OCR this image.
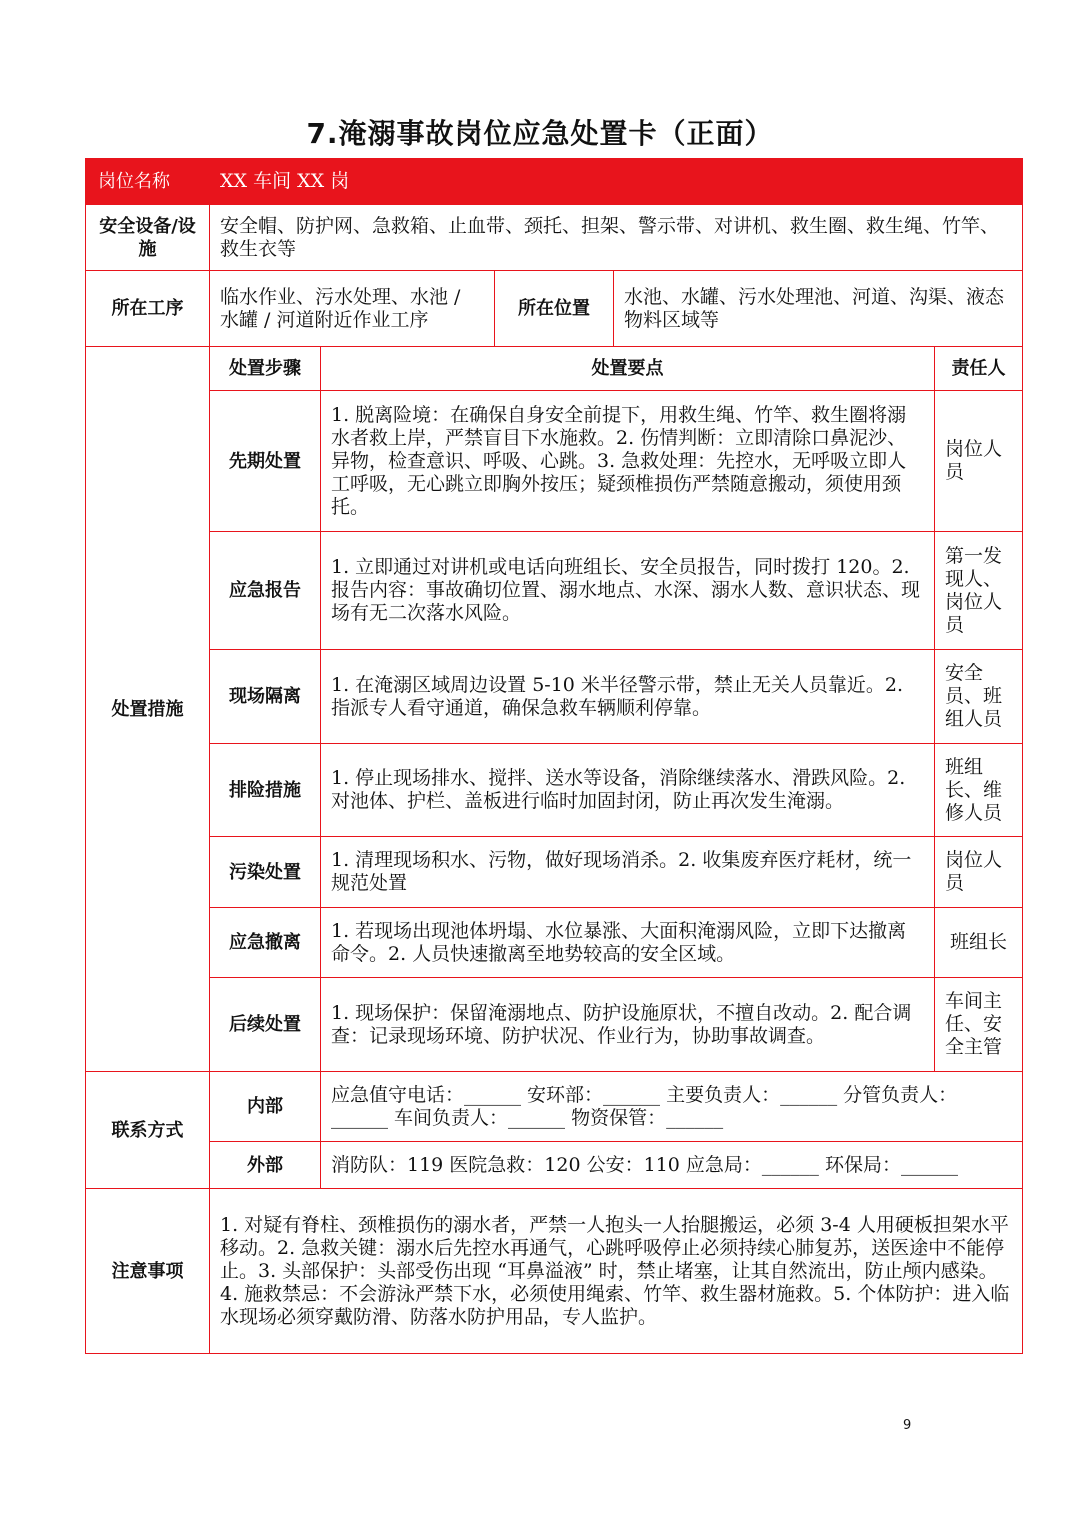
7.淹溺事故岗位应急处置卡（正面）
岗位名称	XX 车间 XX 岗				
安全设备/设施	安全帽、防护网、急救箱、止血带、颈托、担架、警示带、对讲机、救生圈、救生绳、竹竿、救生衣等				
所在工序	临水作业、污水处理、水池 / 水罐 / 河道附近作业工序		所在位置	水池、水罐、污水处理池、河道、沟渠、液态物料区域等	
处置措施	处置步骤	处置要点			责任人
	先期处置	1. 脱离险境：在确保自身安全前提下，用救生绳、竹竿、救生圈将溺水者救上岸，严禁盲目下水施救。2. 伤情判断：立即清除口鼻泥沙、异物，检查意识、呼吸、心跳。3. 急救处理：先控水，无呼吸立即人工呼吸，无心跳立即胸外按压；疑颈椎损伤严禁随意搬动，须使用颈托。			岗位人员
	应急报告	1. 立即通过对讲机或电话向班组长、安全员报告，同时拨打 120。2. 报告内容：事故确切位置、溺水地点、水深、溺水人数、意识状态、现场有无二次落水风险。			第一发现人、岗位人员
	现场隔离	1. 在淹溺区域周边设置 5-10 米半径警示带，禁止无关人员靠近。2. 指派专人看守通道，确保急救车辆顺利停靠。			安全员、班组人员
	排险措施	1. 停止现场排水、搅拌、送水等设备，消除继续落水、滑跌风险。2. 对池体、护栏、盖板进行临时加固封闭，防止再次发生淹溺。			班组长、维修人员
	污染处置	1. 清理现场积水、污物，做好现场消杀。2. 收集废弃医疗耗材，统一规范处置			岗位人员
	应急撤离	1. 若现场出现池体坍塌、水位暴涨、大面积淹溺风险，立即下达撤离命令。2. 人员快速撤离至地势较高的安全区域。			班组长
	后续处置	1. 现场保护：保留淹溺地点、防护设施原状，不擅自改动。2. 配合调查：记录现场环境、防护状况、作业行为，协助事故调查。			车间主任、安全主管
联系方式	内部	应急值守电话：______ 安环部：______ 主要负责人：______ 分管负责人：______ 车间负责人：______ 物资保管：______			
	外部	消防队：119 医院急救：120 公安：110 应急局：______ 环保局：______			
注意事项	1. 对疑有脊柱、颈椎损伤的溺水者，严禁一人抱头一人抬腿搬运，必须 3-4 人用硬板担架水平移动。2. 急救关键：溺水后先控水再通气，心跳呼吸停止必须持续心肺复苏，送医途中不能停止。3. 头部保护：头部受伤出现 “耳鼻溢液” 时，禁止堵塞，让其自然流出，防止颅内感染。4. 施救禁忌：不会游泳严禁下水，必须使用绳索、竹竿、救生器材施救。5. 个体防护：进入临水现场必须穿戴防滑、防落水防护用品，专人监护。				
9
